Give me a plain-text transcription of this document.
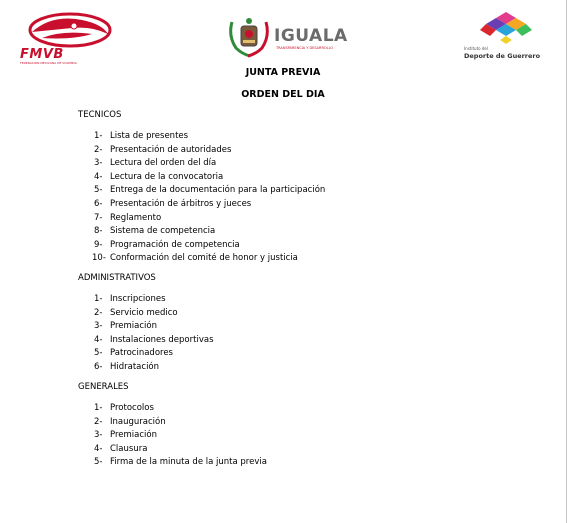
FMVB
FEDERACION MEXICANA DE VOLEIBOL
IGUALA
TRANSPARENCIA Y DESARROLLO	Instituto del
Deporte de Guerrero
JUNTA PREVIA
ORDEN DEL DIA
TECNICOS
1- Lista de presentes
2- Presentación de autoridades
3- Lectura del orden del día
4- Lectura de la convocatoria
5- Entrega de la documentación para la participación
6- Presentación de árbitros y jueces
7- Reglamento
8- Sistema de competencia
9- Programación de competencia
10- Conformación del comité de honor y justicia
ADMINISTRATIVOS
1- Inscripciones
2- Servicio medico
3- Premiación
4- Instalaciones deportivas
5- Patrocinadores
6- Hidratación
GENERALES
1- Protocolos
2- Inauguración
3- Premiación
4- Clausura
5- Firma de la minuta de la junta previa
